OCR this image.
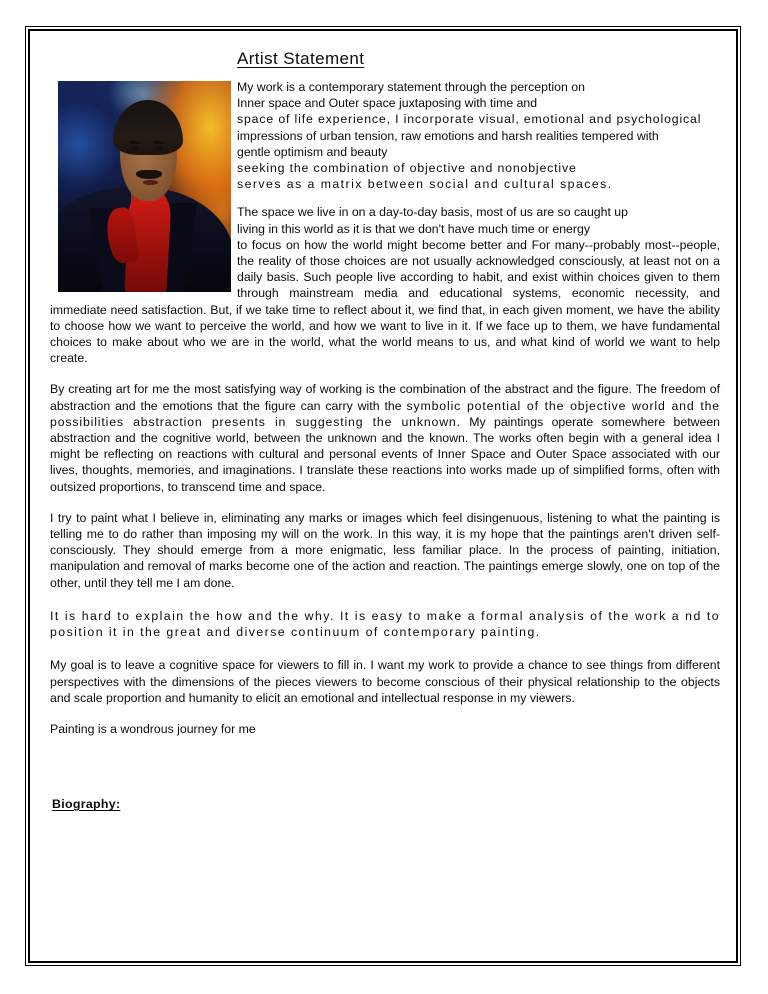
Artist Statement

My work is a contemporary statement through the perception on

Inner space and Outer space juxtaposing with time and

space of life experience, I incorporate visual, emotional and psychological

impressions of urban tension, raw emotions and harsh realities tempered with

gentle optimism and beauty

seeking the combination of objective and nonobjective

serves as a matrix between social and cultural spaces.

The space we live in on a day-to-day basis, most of us are so caught up

living in this world as it is that we don't have much time or energy

to focus on how the world might become better and For many--probably most--people, the reality of those choices are not usually acknowledged consciously, at least not on a daily basis. Such people live according to habit, and exist within choices given to them through mainstream media and educational systems, economic necessity, and immediate need satisfaction. But, if we take time to reflect about it, we find that, in each given moment, we have the ability to choose how we want to perceive the world, and how we want to live in it. If we face up to them, we have fundamental choices to make about who we are in the world, what the world means to us, and what kind of world we want to help create.

By creating art for me the most satisfying way of working is the combination of the abstract and the figure. The freedom of abstraction and the emotions that the figure can carry with the symbolic potential of the objective world and the possibilities abstraction presents in suggesting the unknown. My paintings operate somewhere between abstraction and the cognitive world, between the unknown and the known. The works often begin with a general idea I might be reflecting on reactions with cultural and personal events of Inner Space and Outer Space associated with our lives, thoughts, memories, and imaginations. I translate these reactions into works made up of simplified forms, often with outsized proportions, to transcend time and space.

I try to paint what I believe in, eliminating any marks or images which feel disingenuous, listening to what the painting is telling me to do rather than imposing my will on the work. In this way, it is my hope that the paintings aren't driven self-consciously. They should emerge from a more enigmatic, less familiar place. In the process of painting, initiation, manipulation and removal of marks become one of the action and reaction. The paintings emerge slowly, one on top of the other, until they tell me I am done.

It is hard to explain the how and the why. It is easy to make a formal analysis of the work a nd to position it in the great and diverse continuum of contemporary painting.

My goal is to leave a cognitive space for viewers to fill in. I want my work to provide a chance to see things from different perspectives with the dimensions of the pieces viewers to become conscious of their physical relationship to the objects and scale proportion and humanity to elicit an emotional and intellectual response in my viewers.

Painting is a wondrous journey for me

Biography:
